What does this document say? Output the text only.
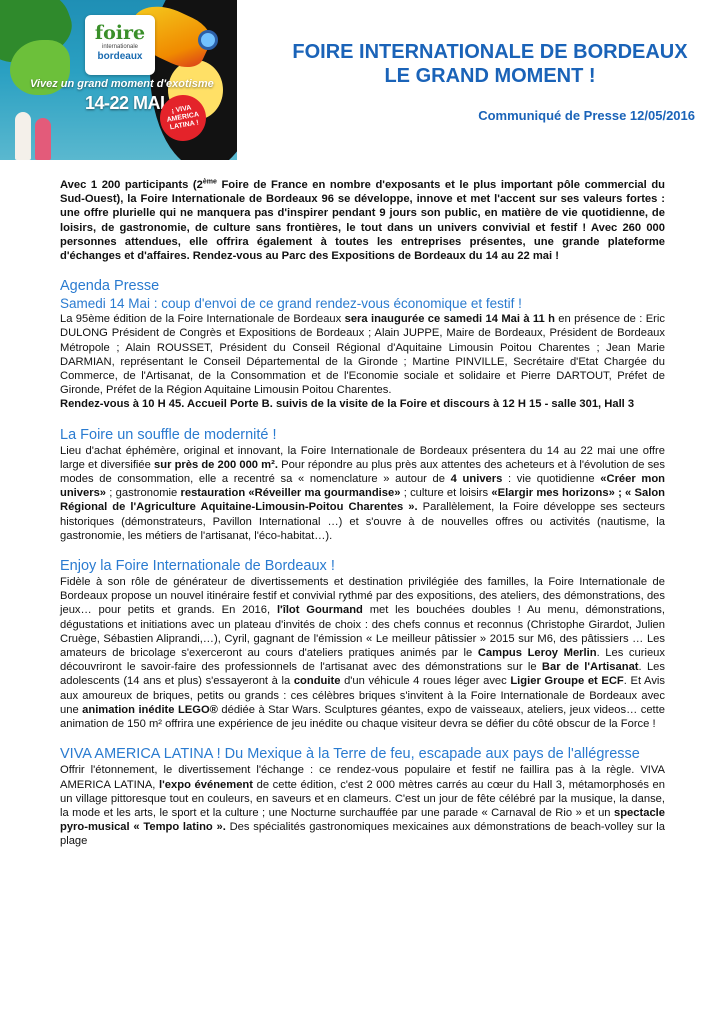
foire
internationale
bordeaux
Vivez un grand moment d'exotisme
14-22 MAI ¡ VIVA AMERICA LATINA !
FOIRE INTERNATIONALE DE BORDEAUX
LE GRAND MOMENT !

Communiqué de Presse 12/05/2016

Avec 1 200 participants (2ème Foire de France en nombre d'exposants et le plus important pôle commercial du Sud-Ouest), la Foire Internationale de Bordeaux 96 se développe, innove et met l'accent sur ses valeurs fortes : une offre plurielle qui ne manquera pas d'inspirer pendant 9 jours son public, en matière de vie quotidienne, de loisirs, de gastronomie, de culture sans frontières, le tout dans un univers convivial et festif ! Avec 260 000 personnes attendues, elle offrira également à toutes les entreprises présentes, une grande plateforme d'échanges et d'affaires. Rendez-vous au Parc des Expositions de Bordeaux du 14 au 22 mai !

Agenda Presse
Samedi 14 Mai : coup d'envoi de ce grand rendez-vous économique et festif !

La 95ème édition de la Foire Internationale de Bordeaux sera inaugurée ce samedi 14 Mai à 11 h en présence de : Eric DULONG Président de Congrès et Expositions de Bordeaux ; Alain JUPPE, Maire de Bordeaux, Président de Bordeaux Métropole ; Alain ROUSSET, Président du Conseil Régional d'Aquitaine Limousin Poitou Charentes ; Jean Marie DARMIAN, représentant le Conseil Départemental de la Gironde ; Martine PINVILLE, Secrétaire d'Etat Chargée du Commerce, de l'Artisanat, de la Consommation et de l'Economie sociale et solidaire et Pierre DARTOUT, Préfet de Gironde, Préfet de la Région Aquitaine Limousin Poitou Charentes.

Rendez-vous à 10 H 45. Accueil Porte B. suivis de la visite de la Foire et discours à 12 H 15 - salle 301, Hall 3

La Foire un souffle de modernité !

Lieu d'achat éphémère, original et innovant, la Foire Internationale de Bordeaux présentera du 14 au 22 mai une offre large et diversifiée sur près de 200 000 m². Pour répondre au plus près aux attentes des acheteurs et à l'évolution de ses modes de consommation, elle a recentré sa « nomenclature » autour de 4 univers : vie quotidienne «Créer mon univers» ; gastronomie restauration «Réveiller ma gourmandise» ; culture et loisirs «Elargir mes horizons» ; « Salon Régional de l'Agriculture Aquitaine-Limousin-Poitou Charentes ». Parallèlement, la Foire développe ses secteurs historiques (démonstrateurs, Pavillon International …) et s'ouvre à de nouvelles offres ou activités (nautisme, la gastronomie, les métiers de l'artisanat, l'éco-habitat…).

Enjoy la Foire Internationale de Bordeaux !

Fidèle à son rôle de générateur de divertissements et destination privilégiée des familles, la Foire Internationale de Bordeaux propose un nouvel itinéraire festif et convivial rythmé par des expositions, des ateliers, des démonstrations, des jeux… pour petits et grands. En 2016, l'îlot Gourmand met les bouchées doubles ! Au menu, démonstrations, dégustations et initiations avec un plateau d'invités de choix : des chefs connus et reconnus (Christophe Girardot, Julien Cruège, Sébastien Aliprandi,…), Cyril, gagnant de l'émission « Le meilleur pâtissier » 2015 sur M6, des pâtissiers … Les amateurs de bricolage s'exerceront au cours d'ateliers pratiques animés par le Campus Leroy Merlin. Les curieux découvriront le savoir-faire des professionnels de l'artisanat avec des démonstrations sur le Bar de l'Artisanat. Les adolescents (14 ans et plus) s'essayeront à la conduite d'un véhicule 4 roues léger avec Ligier Groupe et ECF. Et Avis aux amoureux de briques, petits ou grands : ces célèbres briques s'invitent à la Foire Internationale de Bordeaux avec une animation inédite LEGO® dédiée à Star Wars. Sculptures géantes, expo de vaisseaux, ateliers, jeux videos… cette animation de 150 m² offrira une expérience de jeu inédite ou chaque visiteur devra se défier du côté obscur de la Force !

VIVA AMERICA LATINA ! Du Mexique à la Terre de feu, escapade aux pays de l'allégresse

Offrir l'étonnement, le divertissement l'échange : ce rendez-vous populaire et festif ne faillira pas à la règle. VIVA AMERICA LATINA, l'expo événement de cette édition, c'est 2 000 mètres carrés au cœur du Hall 3, métamorphosés en un village pittoresque tout en couleurs, en saveurs et en clameurs. C'est un jour de fête célébré par la musique, la danse, la mode et les arts, le sport et la culture ; une Nocturne surchauffée par une parade « Carnaval de Rio » et un spectacle pyro-musical « Tempo latino ». Des spécialités gastronomiques mexicaines aux démonstrations de beach-volley sur la plage
